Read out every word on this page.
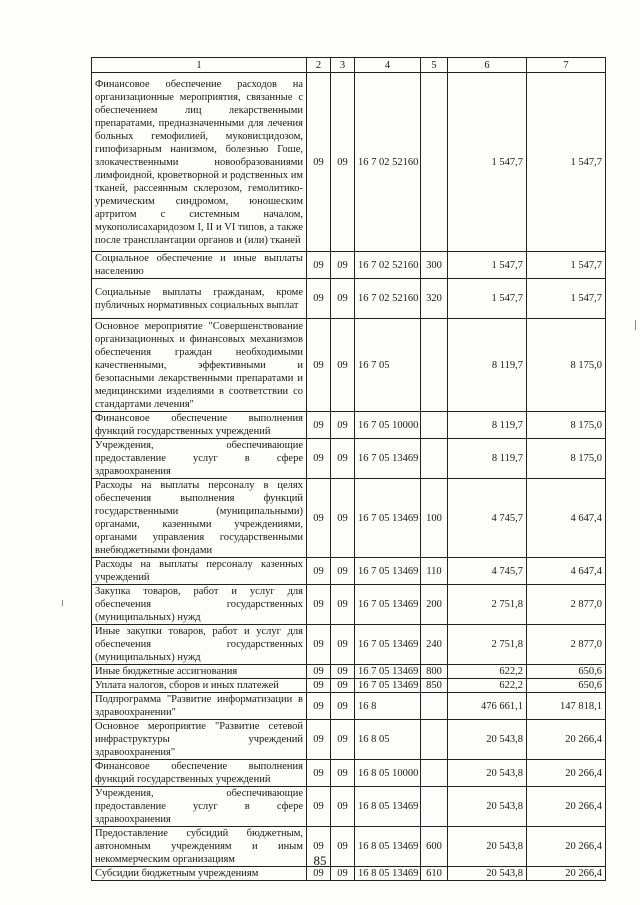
1	2	3	4	5	6	7
Финансовое обеспечение расходов на организационные мероприятия, связанные с обеспечением лиц лекарственными препаратами, предназначенными для лечения больных гемофилией, муковисцидозом, гипофизарным нанизмом, болезнью Гоше, злокачественными новообразованиями лимфоидной, кроветворной и родственных им тканей, рассеянным склерозом, гемолитико-уремическим синдромом, юношеским артритом с системным началом, мукополисахаридозом I, II и VI типов, а также после трансплантации органов и (или) тканей	09	09	16 7 02 52160		1 547,7	1 547,7
Социальное обеспечение и иные выплаты населению	09	09	16 7 02 52160	300	1 547,7	1 547,7
Социальные выплаты гражданам, кроме публичных нормативных социальных выплат	09	09	16 7 02 52160	320	1 547,7	1 547,7
Основное мероприятие "Совершенствование организационных и финансовых механизмов обеспечения граждан необходимыми качественными, эффективными и безопасными лекарственными препаратами и медицинскими изделиями в соответствии со стандартами лечения"	09	09	16 7 05		8 119,7	8 175,0
Финансовое обеспечение выполнения функций государственных учреждений	09	09	16 7 05 10000		8 119,7	8 175,0
Учреждения, обеспечивающие предоставление услуг в сфере здравоохранения	09	09	16 7 05 13469		8 119,7	8 175,0
Расходы на выплаты персоналу в целях обеспечения выполнения функций государственными (муниципальными) органами, казенными учреждениями, органами управления государственными внебюджетными фондами	09	09	16 7 05 13469	100	4 745,7	4 647,4
Расходы на выплаты персоналу казенных учреждений	09	09	16 7 05 13469	110	4 745,7	4 647,4
Закупка товаров, работ и услуг для обеспечения государственных (муниципальных) нужд	09	09	16 7 05 13469	200	2 751,8	2 877,0
Иные закупки товаров, работ и услуг для обеспечения государственных (муниципальных) нужд	09	09	16 7 05 13469	240	2 751,8	2 877,0
Иные бюджетные ассигнования	09	09	16 7 05 13469	800	622,2	650,6
Уплата налогов, сборов и иных платежей	09	09	16 7 05 13469	850	622,2	650,6
Подпрограмма "Развитие информатизации в здравоохранении"	09	09	16 8		476 661,1	147 818,1
Основное мероприятие "Развитие сетевой инфраструктуры учреждений здравоохранения"	09	09	16 8 05		20 543,8	20 266,4
Финансовое обеспечение выполнения функций государственных учреждений	09	09	16 8 05 10000		20 543,8	20 266,4
Учреждения, обеспечивающие предоставление услуг в сфере здравоохранения	09	09	16 8 05 13469		20 543,8	20 266,4
Предоставление субсидий бюджетным, автономным учреждениям и иным некоммерческим организациям	09	09	16 8 05 13469	600	20 543,8	20 266,4
Субсидии бюджетным учреждениям	09	09	16 8 05 13469	610	20 543,8	20 266,4
85
